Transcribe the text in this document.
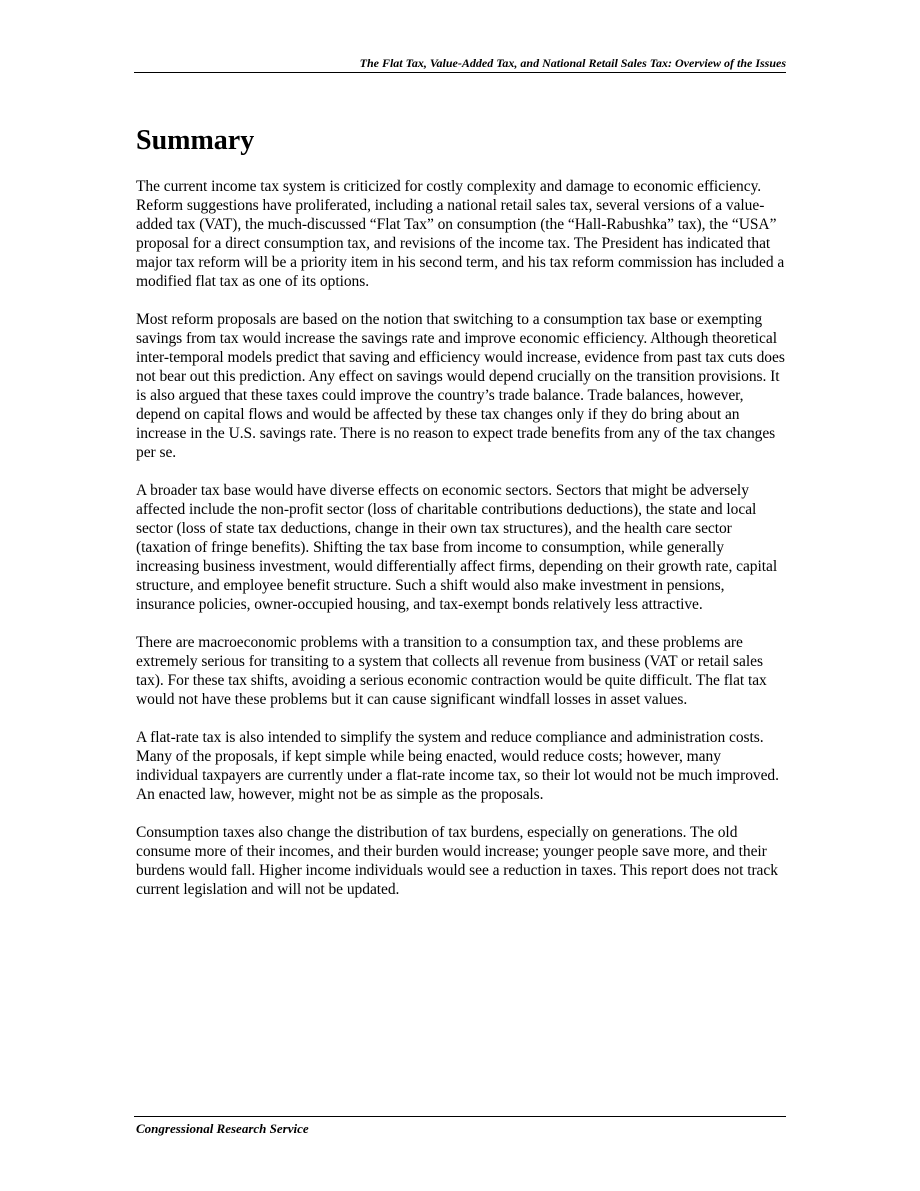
The Flat Tax, Value-Added Tax, and National Retail Sales Tax: Overview of the Issues
Summary

The current income tax system is criticized for costly complexity and damage to economic efficiency. Reform suggestions have proliferated, including a national retail sales tax, several versions of a value-added tax (VAT), the much-discussed “Flat Tax” on consumption (the “Hall-Rabushka” tax), the “USA” proposal for a direct consumption tax, and revisions of the income tax. The President has indicated that major tax reform will be a priority item in his second term, and his tax reform commission has included a modified flat tax as one of its options.

Most reform proposals are based on the notion that switching to a consumption tax base or exempting savings from tax would increase the savings rate and improve economic efficiency. Although theoretical inter-temporal models predict that saving and efficiency would increase, evidence from past tax cuts does not bear out this prediction. Any effect on savings would depend crucially on the transition provisions. It is also argued that these taxes could improve the country’s trade balance. Trade balances, however, depend on capital flows and would be affected by these tax changes only if they do bring about an increase in the U.S. savings rate. There is no reason to expect trade benefits from any of the tax changes per se.

A broader tax base would have diverse effects on economic sectors. Sectors that might be adversely affected include the non-profit sector (loss of charitable contributions deductions), the state and local sector (loss of state tax deductions, change in their own tax structures), and the health care sector (taxation of fringe benefits). Shifting the tax base from income to consumption, while generally increasing business investment, would differentially affect firms, depending on their growth rate, capital structure, and employee benefit structure. Such a shift would also make investment in pensions, insurance policies, owner-occupied housing, and tax-exempt bonds relatively less attractive.

There are macroeconomic problems with a transition to a consumption tax, and these problems are extremely serious for transiting to a system that collects all revenue from business (VAT or retail sales tax). For these tax shifts, avoiding a serious economic contraction would be quite difficult. The flat tax would not have these problems but it can cause significant windfall losses in asset values.

A flat-rate tax is also intended to simplify the system and reduce compliance and administration costs. Many of the proposals, if kept simple while being enacted, would reduce costs; however, many individual taxpayers are currently under a flat-rate income tax, so their lot would not be much improved. An enacted law, however, might not be as simple as the proposals.

Consumption taxes also change the distribution of tax burdens, especially on generations. The old consume more of their incomes, and their burden would increase; younger people save more, and their burdens would fall. Higher income individuals would see a reduction in taxes. This report does not track current legislation and will not be updated.

Congressional Research Service
